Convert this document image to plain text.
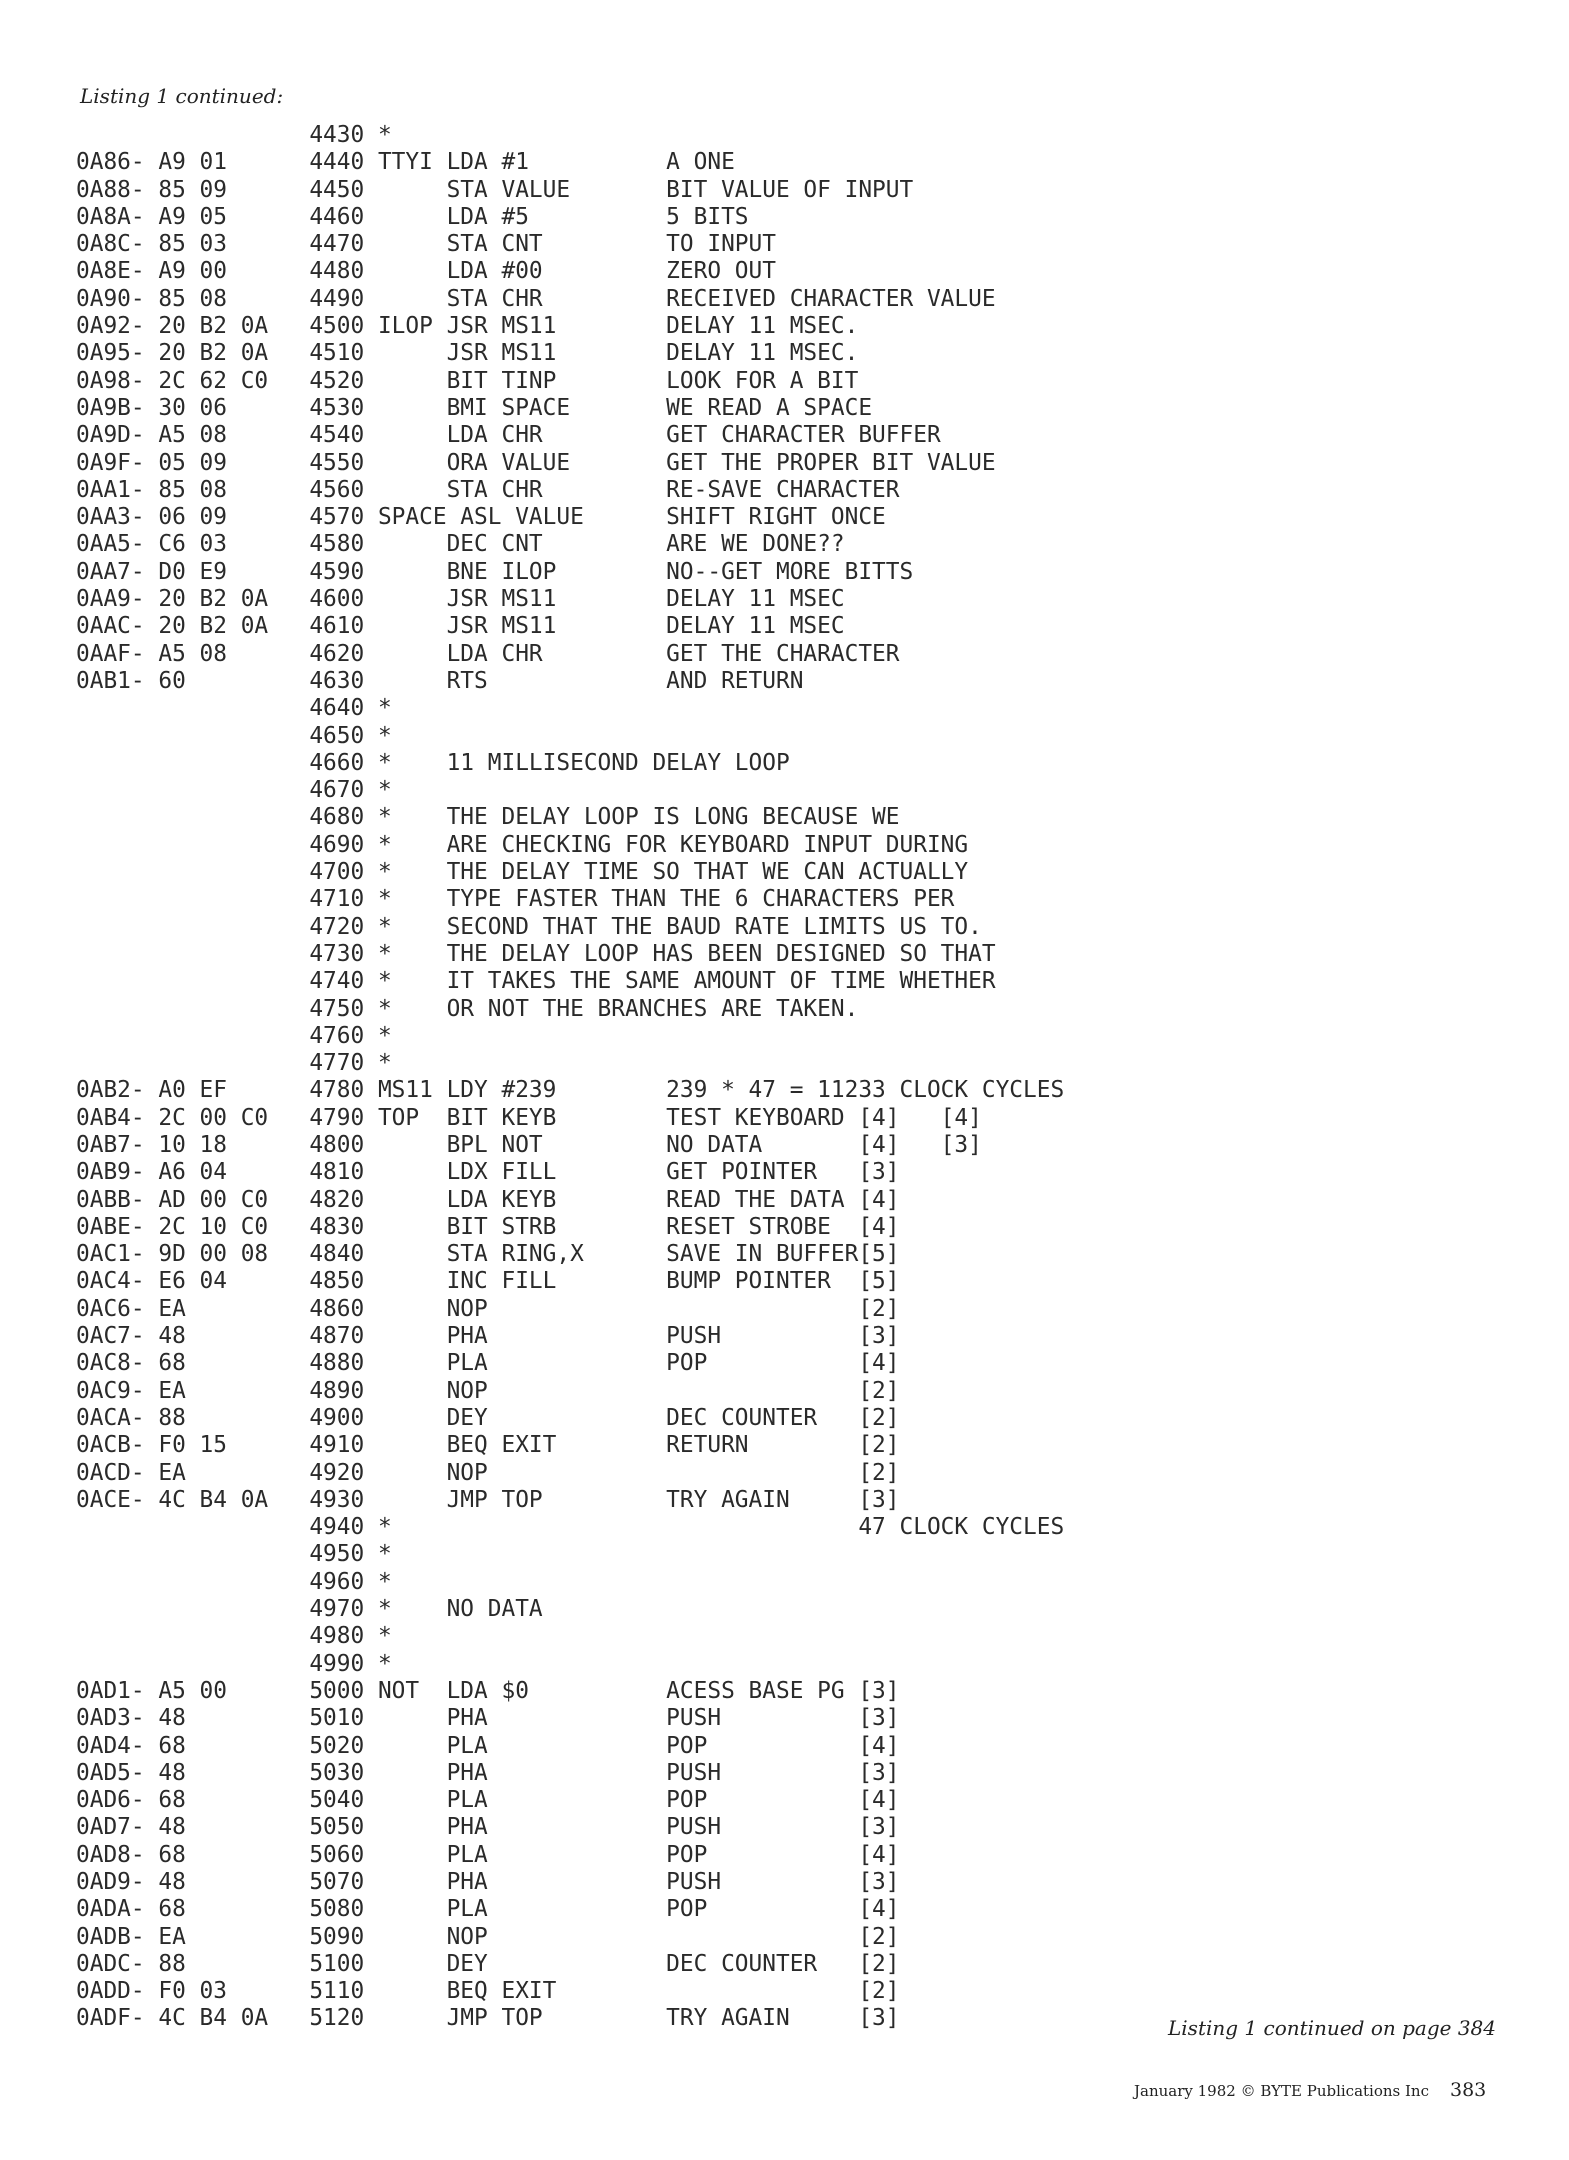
Listing 1 continued:
4430 *
0A86- A9 01      4440 TTYI LDA #1          A ONE
0A88- 85 09      4450      STA VALUE       BIT VALUE OF INPUT
0A8A- A9 05      4460      LDA #5          5 BITS
0A8C- 85 03      4470      STA CNT         TO INPUT
0A8E- A9 00      4480      LDA #00         ZERO OUT
0A90- 85 08      4490      STA CHR         RECEIVED CHARACTER VALUE
0A92- 20 B2 0A   4500 ILOP JSR MS11        DELAY 11 MSEC.
0A95- 20 B2 0A   4510      JSR MS11        DELAY 11 MSEC.
0A98- 2C 62 C0   4520      BIT TINP        LOOK FOR A BIT
0A9B- 30 06      4530      BMI SPACE       WE READ A SPACE
0A9D- A5 08      4540      LDA CHR         GET CHARACTER BUFFER
0A9F- 05 09      4550      ORA VALUE       GET THE PROPER BIT VALUE
0AA1- 85 08      4560      STA CHR         RE-SAVE CHARACTER
0AA3- 06 09      4570 SPACE ASL VALUE      SHIFT RIGHT ONCE
0AA5- C6 03      4580      DEC CNT         ARE WE DONE??
0AA7- D0 E9      4590      BNE ILOP        NO--GET MORE BITTS
0AA9- 20 B2 0A   4600      JSR MS11        DELAY 11 MSEC
0AAC- 20 B2 0A   4610      JSR MS11        DELAY 11 MSEC
0AAF- A5 08      4620      LDA CHR         GET THE CHARACTER
0AB1- 60         4630      RTS             AND RETURN
4640 *
4650 *
4660 *    11 MILLISECOND DELAY LOOP
4670 *
4680 *    THE DELAY LOOP IS LONG BECAUSE WE
4690 *    ARE CHECKING FOR KEYBOARD INPUT DURING
4700 *    THE DELAY TIME SO THAT WE CAN ACTUALLY
4710 *    TYPE FASTER THAN THE 6 CHARACTERS PER
4720 *    SECOND THAT THE BAUD RATE LIMITS US TO.
4730 *    THE DELAY LOOP HAS BEEN DESIGNED SO THAT
4740 *    IT TAKES THE SAME AMOUNT OF TIME WHETHER
4750 *    OR NOT THE BRANCHES ARE TAKEN.
4760 *
4770 *
0AB2- A0 EF      4780 MS11 LDY #239        239 * 47 = 11233 CLOCK CYCLES
0AB4- 2C 00 C0   4790 TOP  BIT KEYB        TEST KEYBOARD [4]   [4]
0AB7- 10 18      4800      BPL NOT         NO DATA       [4]   [3]
0AB9- A6 04      4810      LDX FILL        GET POINTER   [3]
0ABB- AD 00 C0   4820      LDA KEYB        READ THE DATA [4]
0ABE- 2C 10 C0   4830      BIT STRB        RESET STROBE  [4]
0AC1- 9D 00 08   4840      STA RING,X      SAVE IN BUFFER[5]
0AC4- E6 04      4850      INC FILL        BUMP POINTER  [5]
0AC6- EA         4860      NOP                           [2]
0AC7- 48         4870      PHA             PUSH          [3]
0AC8- 68         4880      PLA             POP           [4]
0AC9- EA         4890      NOP                           [2]
0ACA- 88         4900      DEY             DEC COUNTER   [2]
0ACB- F0 15      4910      BEQ EXIT        RETURN        [2]
0ACD- EA         4920      NOP                           [2]
0ACE- 4C B4 0A   4930      JMP TOP         TRY AGAIN     [3]
4940 *                                  47 CLOCK CYCLES
4950 *
4960 *
4970 *    NO DATA
4980 *
4990 *
0AD1- A5 00      5000 NOT  LDA $0          ACESS BASE PG [3]
0AD3- 48         5010      PHA             PUSH          [3]
0AD4- 68         5020      PLA             POP           [4]
0AD5- 48         5030      PHA             PUSH          [3]
0AD6- 68         5040      PLA             POP           [4]
0AD7- 48         5050      PHA             PUSH          [3]
0AD8- 68         5060      PLA             POP           [4]
0AD9- 48         5070      PHA             PUSH          [3]
0ADA- 68         5080      PLA             POP           [4]
0ADB- EA         5090      NOP                           [2]
0ADC- 88         5100      DEY             DEC COUNTER   [2]
0ADD- F0 03      5110      BEQ EXIT                      [2]
0ADF- 4C B4 0A   5120      JMP TOP         TRY AGAIN     [3]	Listing 1 continued on page 384
January 1982 © BYTE Publications Inc 383
